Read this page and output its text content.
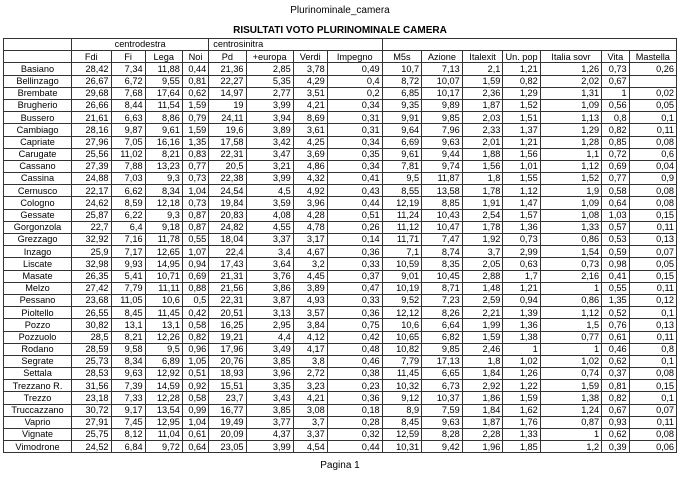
Plurinominale_camera
RISULTATI VOTO PLURINOMINALE CAMERA
	centrodestra				centrosinitra										
	Fdi	Fi	Lega	Noi	Pd	+europa	Verdi	Impegno	M5s	Azione	Italexit	Un. pop	Italia sovr	Vita	Mastella
Basiano	28,42	7,34	11,88	0,44	21,36	2,85	3,78	0,49	10,7	7,13	2,1	1,21	1,26	0,73	0,26
Bellinzago	26,67	6,72	9,55	0,81	22,27	5,35	4,29	0,4	8,72	10,07	1,59	0,82	2,02	0,67	
Brembate	29,68	7,68	17,64	0,62	14,97	2,77	3,51	0,2	6,85	10,17	2,36	1,29	1,31	1	0,02
Brugherio	26,66	8,44	11,54	1,59	19	3,99	4,21	0,34	9,35	9,89	1,87	1,52	1,09	0,56	0,05
Bussero	21,61	6,63	8,86	0,79	24,11	3,94	8,69	0,31	9,91	9,85	2,03	1,51	1,13	0,8	0,1
Cambiago	28,16	9,87	9,61	1,59	19,6	3,89	3,61	0,31	9,64	7,96	2,33	1,37	1,29	0,82	0,11
Capriate	27,96	7,05	16,16	1,35	17,58	3,42	4,25	0,34	6,69	9,63	2,01	1,21	1,28	0,85	0,08
Carugate	25,56	11,02	8,21	0,83	22,31	3,47	3,69	0,35	9,61	9,44	1,88	1,56	1,1	0,72	0,6
Cassano	27,39	7,88	13,23	0,77	20,5	3,21	4,86	0,34	7,81	9,74	1,56	1,01	1,12	0,69	0,04
Cassina	24,88	7,03	9,3	0,73	22,38	3,99	4,32	0,41	9,5	11,87	1,8	1,55	1,52	0,77	0,9
Cernusco	22,17	6,62	8,34	1,04	24,54	4,5	4,92	0,43	8,55	13,58	1,78	1,12	1,9	0,58	0,08
Cologno	24,62	8,59	12,18	0,73	19,84	3,59	3,96	0,44	12,19	8,85	1,91	1,47	1,09	0,64	0,08
Gessate	25,87	6,22	9,3	0,87	20,83	4,08	4,28	0,51	11,24	10,43	2,54	1,57	1,08	1,03	0,15
Gorgonzola	22,7	6,4	9,18	0,87	24,82	4,55	4,78	0,26	11,12	10,47	1,78	1,36	1,33	0,57	0,11
Grezzago	32,92	7,16	11,78	0,55	18,04	3,37	3,17	0,14	11,71	7,47	1,92	0,73	0,86	0,53	0,13
Inzago	25,9	7,17	12,65	1,07	22,4	3,4	4,67	0,36	7,1	8,74	3,7	2,99	1,54	0,59	0,07
Liscate	32,98	9,93	14,95	0,94	17,43	3,64	3,2	0,33	10,59	8,35	2,05	0,63	0,73	0,98	0,05
Masate	26,35	5,41	10,71	0,69	21,31	3,76	4,45	0,37	9,01	10,45	2,88	1,7	2,16	0,41	0,15
Melzo	27,42	7,79	11,11	0,88	21,56	3,86	3,89	0,47	10,19	8,71	1,48	1,21	1	0,55	0,11
Pessano	23,68	11,05	10,6	0,5	22,31	3,87	4,93	0,33	9,52	7,23	2,59	0,94	0,86	1,35	0,12
Pioltello	26,55	8,45	11,45	0,42	20,51	3,13	3,57	0,36	12,12	8,26	2,21	1,39	1,12	0,52	0,1
Pozzo	30,82	13,1	13,1	0,58	16,25	2,95	3,84	0,75	10,6	6,64	1,99	1,36	1,5	0,76	0,13
Pozzuolo	28,5	8,21	12,26	0,82	19,21	4,4	4,12	0,42	10,65	6,82	1,59	1,38	0,77	0,61	0,11
Rodano	28,59	9,58	9,5	0,96	17,96	3,49	4,17	0,48	10,82	9,85	2,46	1	1	0,46	0,8
Segrate	25,73	8,34	6,89	1,05	20,76	3,85	3,8	0,46	7,79	17,13	1,8	1,02	1,02	0,62	0,1
Settala	28,53	9,63	12,92	0,51	18,93	3,96	2,72	0,38	11,45	6,65	1,84	1,26	0,74	0,37	0,08
Trezzano R.	31,56	7,39	14,59	0,92	15,51	3,35	3,23	0,23	10,32	6,73	2,92	1,22	1,59	0,81	0,15
Trezzo	23,18	7,33	12,28	0,58	23,7	3,43	4,21	0,36	9,12	10,37	1,86	1,59	1,38	0,82	0,1
Truccazzano	30,72	9,17	13,54	0,99	16,77	3,85	3,08	0,18	8,9	7,59	1,84	1,62	1,24	0,67	0,07
Vaprio	27,91	7,45	12,95	1,04	19,49	3,77	3,7	0,28	8,45	9,63	1,87	1,76	0,87	0,93	0,11
Vignate	25,75	8,12	11,04	0,61	20,09	4,37	3,37	0,32	12,59	8,28	2,28	1,33	1	0,62	0,08
Vimodrone	24,52	6,84	9,72	0,64	23,05	3,99	4,54	0,44	10,31	9,42	1,96	1,85	1,2	0,39	0,06
Pagina 1
